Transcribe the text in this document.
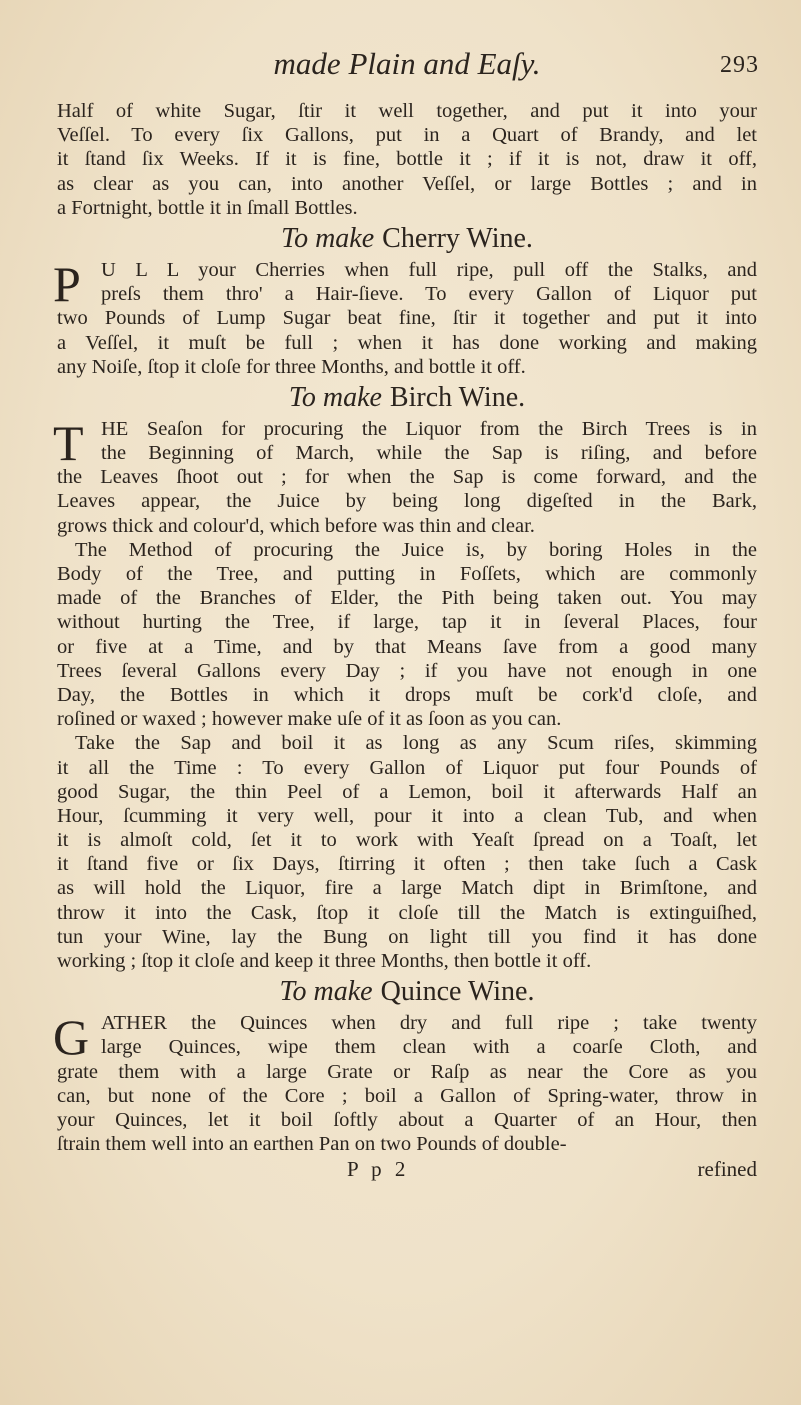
made Plain and Eaſy.	293
Half of white Sugar, ſtir it well together, and put it into your
Veſſel. To every ſix Gallons, put in a Quart of Brandy, and let
it ſtand ſix Weeks. If it is fine, bottle it ; if it is not, draw it off,
as clear as you can, into another Veſſel, or large Bottles ; and in
a Fortnight, bottle it in ſmall Bottles.
To make Cherry Wine.
P U L L your Cherries when full ripe, pull off the Stalks, and
preſs them thro' a Hair-ſieve. To every Gallon of Liquor put
two Pounds of Lump Sugar beat fine, ſtir it together and put it into
a Veſſel, it muſt be full ; when it has done working and making
any Noiſe, ſtop it cloſe for three Months, and bottle it off.
To make Birch Wine.
T HE Seaſon for procuring the Liquor from the Birch Trees is in
the Beginning of March, while the Sap is riſing, and before
the Leaves ſhoot out ; for when the Sap is come forward, and the
Leaves appear, the Juice by being long digeſted in the Bark,
grows thick and colour'd, which before was thin and clear.
The Method of procuring the Juice is, by boring Holes in the
Body of the Tree, and putting in Foſſets, which are commonly
made of the Branches of Elder, the Pith being taken out. You may
without hurting the Tree, if large, tap it in ſeveral Places, four
or five at a Time, and by that Means ſave from a good many
Trees ſeveral Gallons every Day ; if you have not enough in one
Day, the Bottles in which it drops muſt be cork'd cloſe, and
roſined or waxed ; however make uſe of it as ſoon as you can.
Take the Sap and boil it as long as any Scum riſes, skimming
it all the Time : To every Gallon of Liquor put four Pounds of
good Sugar, the thin Peel of a Lemon, boil it afterwards Half an
Hour, ſcumming it very well, pour it into a clean Tub, and when
it is almoſt cold, ſet it to work with Yeaſt ſpread on a Toaſt, let
it ſtand five or ſix Days, ſtirring it often ; then take ſuch a Cask
as will hold the Liquor, fire a large Match dipt in Brimſtone, and
throw it into the Cask, ſtop it cloſe till the Match is extinguiſhed,
tun your Wine, lay the Bung on light till you find it has done
working ; ſtop it cloſe and keep it three Months, then bottle it off.
To make Quince Wine.
G ATHER the Quinces when dry and full ripe ; take twenty
large Quinces, wipe them clean with a coarſe Cloth, and
grate them with a large Grate or Raſp as near the Core as you
can, but none of the Core ; boil a Gallon of Spring-water, throw in
your Quinces, let it boil ſoftly about a Quarter of an Hour, then
ſtrain them well into an earthen Pan on two Pounds of double-
P p 2	refined
